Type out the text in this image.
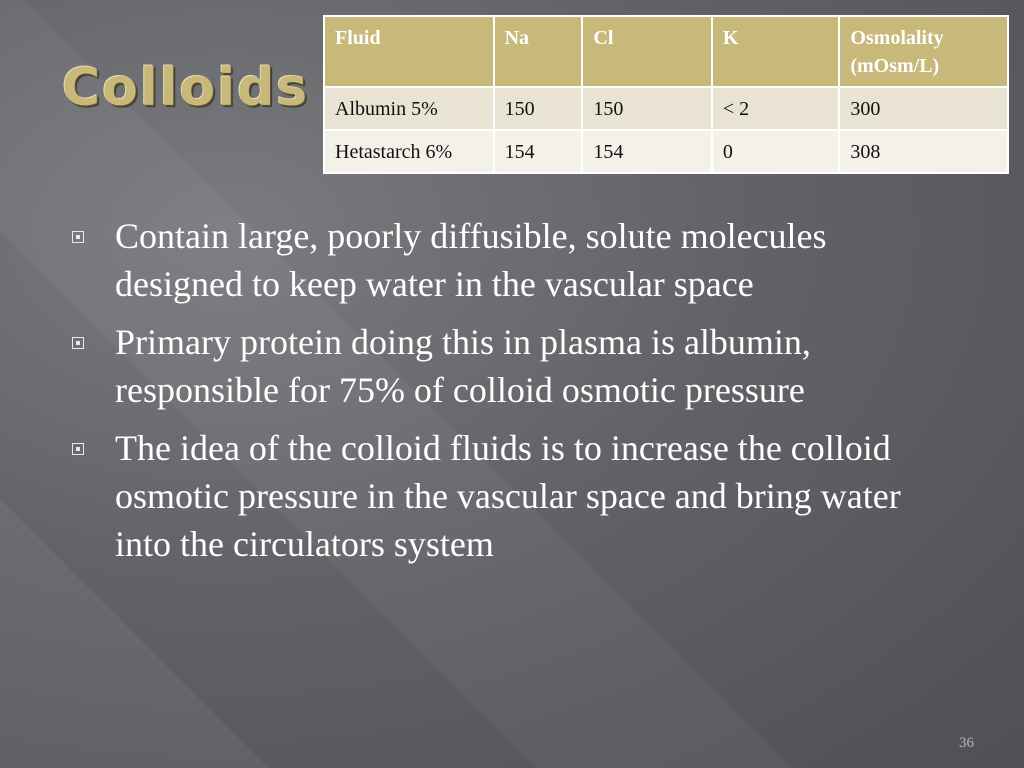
Colloids
Fluid	Na	Cl	K	Osmolality (mOsm/L)
Albumin 5%	150	150	< 2	300
Hetastarch 6%	154	154	0	308
Contain large, poorly diffusible, solute molecules designed to keep water in the vascular space
Primary protein doing this in plasma is albumin, responsible for 75% of colloid osmotic pressure
The idea of the colloid fluids is to increase the colloid osmotic pressure in the vascular space and bring water into the circulators system
36
